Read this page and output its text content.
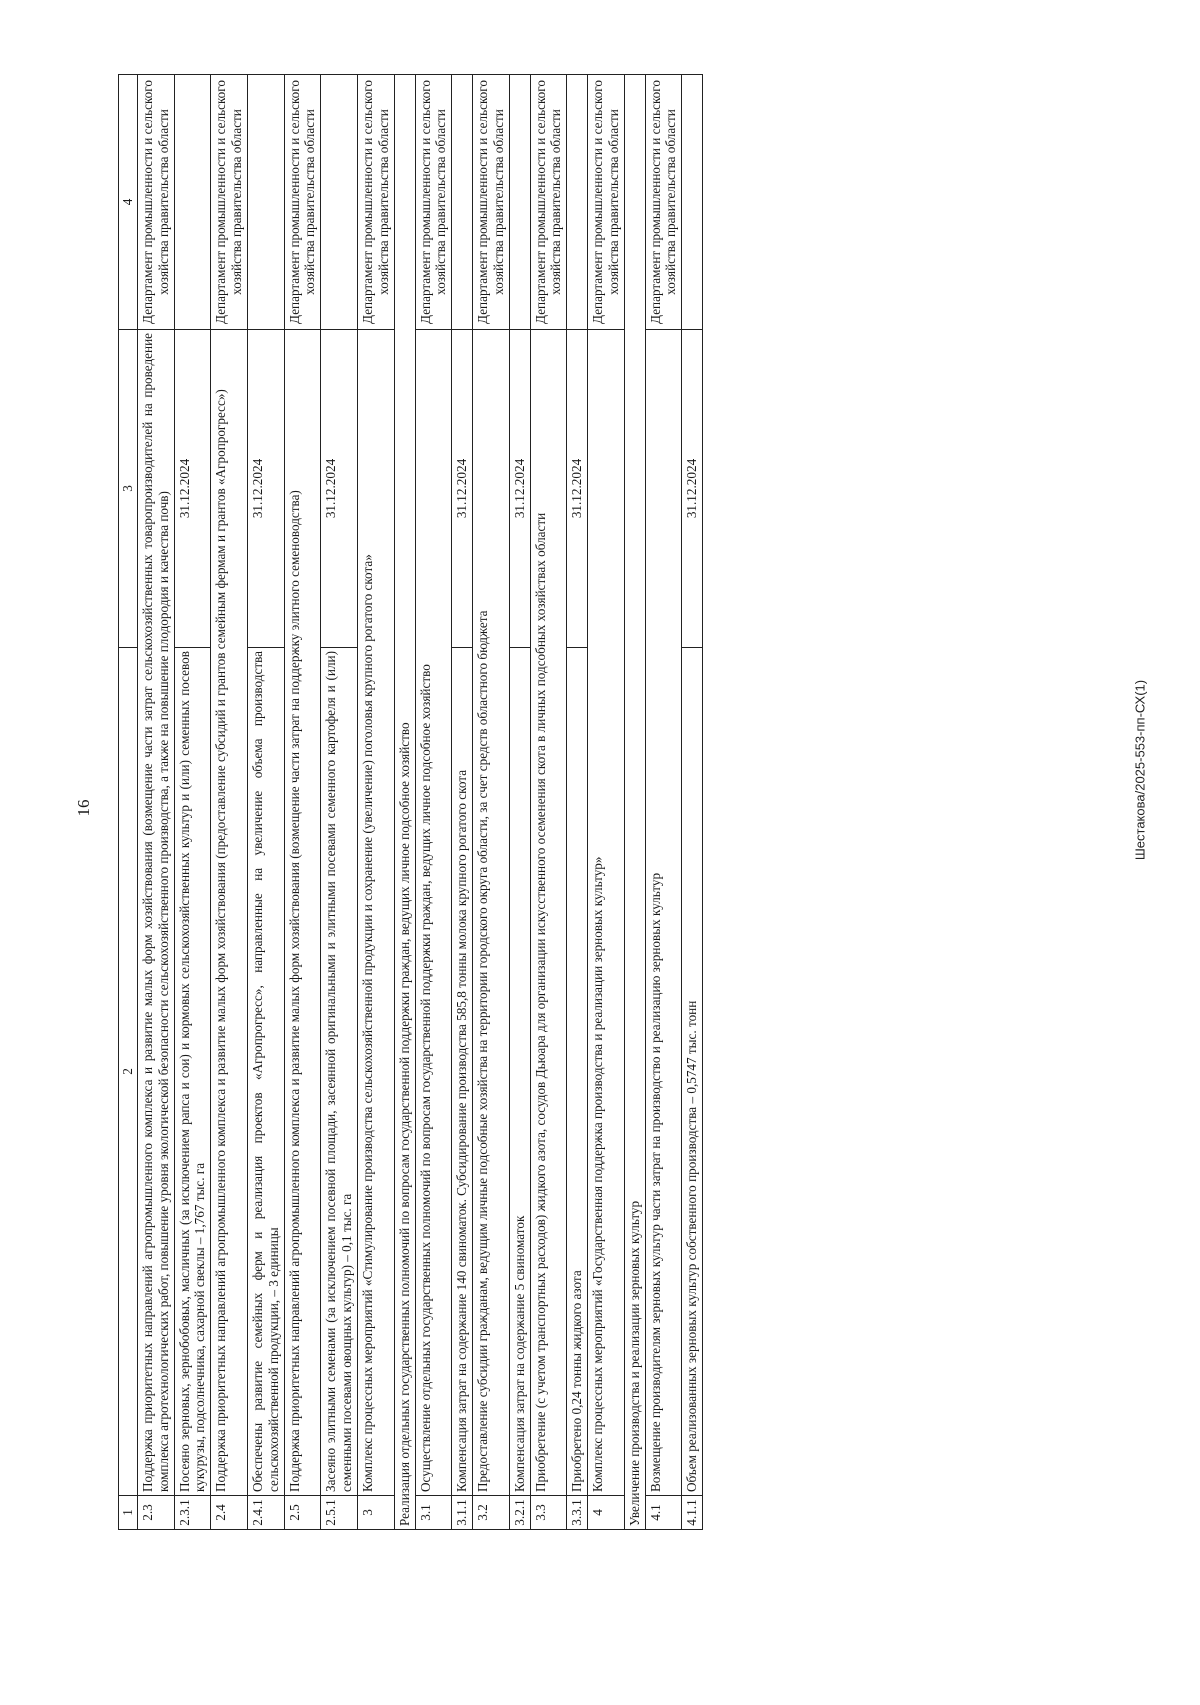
16	Шестакова/2025-553-пп-СХ(1)
1	2	3	4
2.3	Поддержка приоритетных направлений агропромышленного комплекса и развитие малых форм хозяйствования (возмещение части затрат сельскохозяйственных товаропроизводителей на проведение комплекса агротехнологических работ, повышение уровня экологической безопасности сельскохозяйственного производства, а также на повышение плодородия и качества почв)		Департамент промышленности и сельского хозяйства правительства области
2.3.1	Посеяно зерновых, зернобобовых, масличных (за исключением рапса и сои) и кормовых сельскохозяйственных культур и (или) семенных посевов кукурузы, подсолнечника, сахарной свеклы – 1,767 тыс. га	31.12.2024	
2.4	Поддержка приоритетных направлений агропромышленного комплекса и развитие малых форм хозяйствования (предоставление субсидий и грантов семейным фермам и грантов «Агропрогресс»)		Департамент промышленности и сельского хозяйства правительства области
2.4.1	Обеспечены развитие семейных ферм и реализация проектов «Агропрогресс», направленные на увеличение объема производства сельскохозяйственной продукции, – 3 единицы	31.12.2024	
2.5	Поддержка приоритетных направлений агропромышленного комплекса и развитие малых форм хозяйствования (возмещение части затрат на поддержку элитного семеноводства)		Департамент промышленности и сельского хозяйства правительства области
2.5.1	Засеяно элитными семенами (за исключением посевной площади, засеянной оригинальными и элитными посевами семенного картофеля и (или) семенными посевами овощных культур) – 0,1 тыс. га	31.12.2024	
3	Комплекс процессных мероприятий «Стимулирование производства сельскохозяйственной продукции и сохранение (увеличение) поголовья крупного рогатого скота»		Департамент промышленности и сельского хозяйства правительства области
Реализация отдельных государственных полномочий по вопросам государственной поддержки граждан, ведущих личное подсобное хозяйство			
3.1	Осуществление отдельных государственных полномочий по вопросам государственной поддержки граждан, ведущих личное подсобное хозяйство		Департамент промышленности и сельского хозяйства правительства области
3.1.1	Компенсация затрат на содержание 140 свиноматок. Субсидирование производства 585,8 тонны молока крупного рогатого скота	31.12.2024	
3.2	Предоставление субсидии гражданам, ведущим личные подсобные хозяйства на территории городского округа области, за счет средств областного бюджета		Департамент промышленности и сельского хозяйства правительства области
3.2.1	Компенсация затрат на содержание 5 свиноматок	31.12.2024	
3.3	Приобретение (с учетом транспортных расходов) жидкого азота, сосудов Дьюара для организации искусственного осеменения скота в личных подсобных хозяйствах области		Департамент промышленности и сельского хозяйства правительства области
3.3.1	Приобретено 0,24 тонны жидкого азота	31.12.2024	
4	Комплекс процессных мероприятий «Государственная поддержка производства и реализации зерновых культур»		Департамент промышленности и сельского хозяйства правительства области
Увеличение производства и реализации зерновых культур			
4.1	Возмещение производителям зерновых культур части затрат на производство и реализацию зерновых культур		Департамент промышленности и сельского хозяйства правительства области
4.1.1	Объем реализованных зерновых культур собственного производства – 0,5747 тыс. тонн	31.12.2024	
